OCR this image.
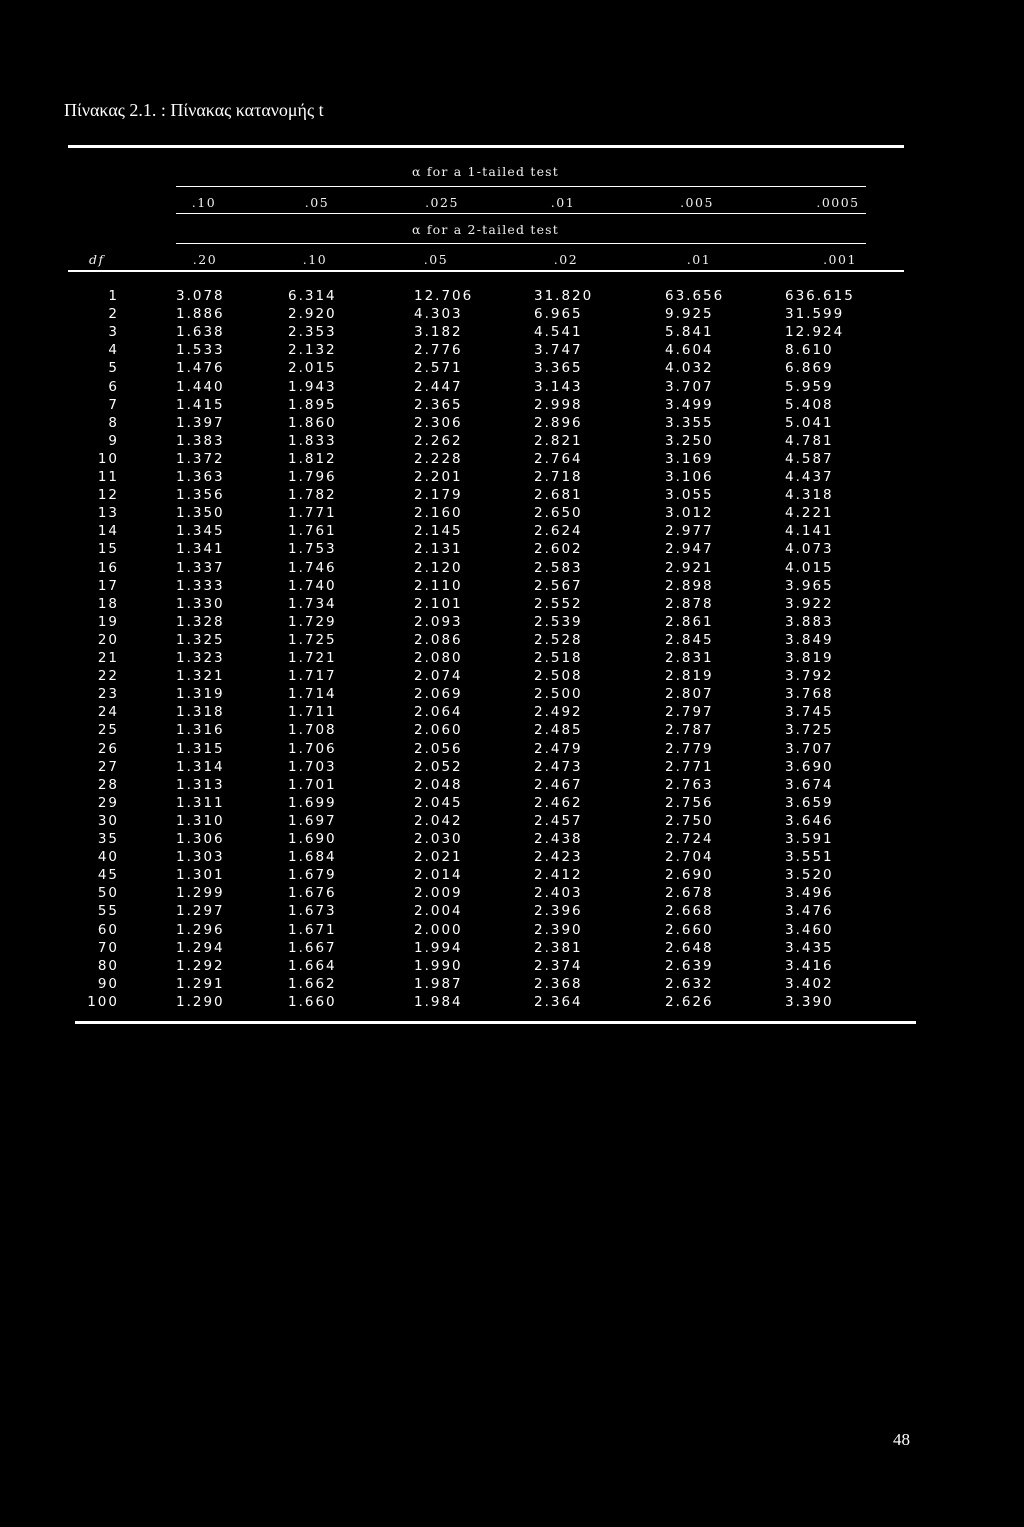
Πίνακας 2.1. : Πίνακας κατανομής t
α for a 1-tailed test
.10	.05	.025	.01	.005	.0005
α for a 2-tailed test
df	.20	.10	.05	.02	.01	.001
1	3.078	6.314	12.706	31.820	63.656	636.615
2	1.886	2.920	4.303	6.965	9.925	31.599
3	1.638	2.353	3.182	4.541	5.841	12.924
4	1.533	2.132	2.776	3.747	4.604	8.610
5	1.476	2.015	2.571	3.365	4.032	6.869
6	1.440	1.943	2.447	3.143	3.707	5.959
7	1.415	1.895	2.365	2.998	3.499	5.408
8	1.397	1.860	2.306	2.896	3.355	5.041
9	1.383	1.833	2.262	2.821	3.250	4.781
10	1.372	1.812	2.228	2.764	3.169	4.587
11	1.363	1.796	2.201	2.718	3.106	4.437
12	1.356	1.782	2.179	2.681	3.055	4.318
13	1.350	1.771	2.160	2.650	3.012	4.221
14	1.345	1.761	2.145	2.624	2.977	4.141
15	1.341	1.753	2.131	2.602	2.947	4.073
16	1.337	1.746	2.120	2.583	2.921	4.015
17	1.333	1.740	2.110	2.567	2.898	3.965
18	1.330	1.734	2.101	2.552	2.878	3.922
19	1.328	1.729	2.093	2.539	2.861	3.883
20	1.325	1.725	2.086	2.528	2.845	3.849
21	1.323	1.721	2.080	2.518	2.831	3.819
22	1.321	1.717	2.074	2.508	2.819	3.792
23	1.319	1.714	2.069	2.500	2.807	3.768
24	1.318	1.711	2.064	2.492	2.797	3.745
25	1.316	1.708	2.060	2.485	2.787	3.725
26	1.315	1.706	2.056	2.479	2.779	3.707
27	1.314	1.703	2.052	2.473	2.771	3.690
28	1.313	1.701	2.048	2.467	2.763	3.674
29	1.311	1.699	2.045	2.462	2.756	3.659
30	1.310	1.697	2.042	2.457	2.750	3.646
35	1.306	1.690	2.030	2.438	2.724	3.591
40	1.303	1.684	2.021	2.423	2.704	3.551
45	1.301	1.679	2.014	2.412	2.690	3.520
50	1.299	1.676	2.009	2.403	2.678	3.496
55	1.297	1.673	2.004	2.396	2.668	3.476
60	1.296	1.671	2.000	2.390	2.660	3.460
70	1.294	1.667	1.994	2.381	2.648	3.435
80	1.292	1.664	1.990	2.374	2.639	3.416
90	1.291	1.662	1.987	2.368	2.632	3.402
100	1.290	1.660	1.984	2.364	2.626	3.390
48
